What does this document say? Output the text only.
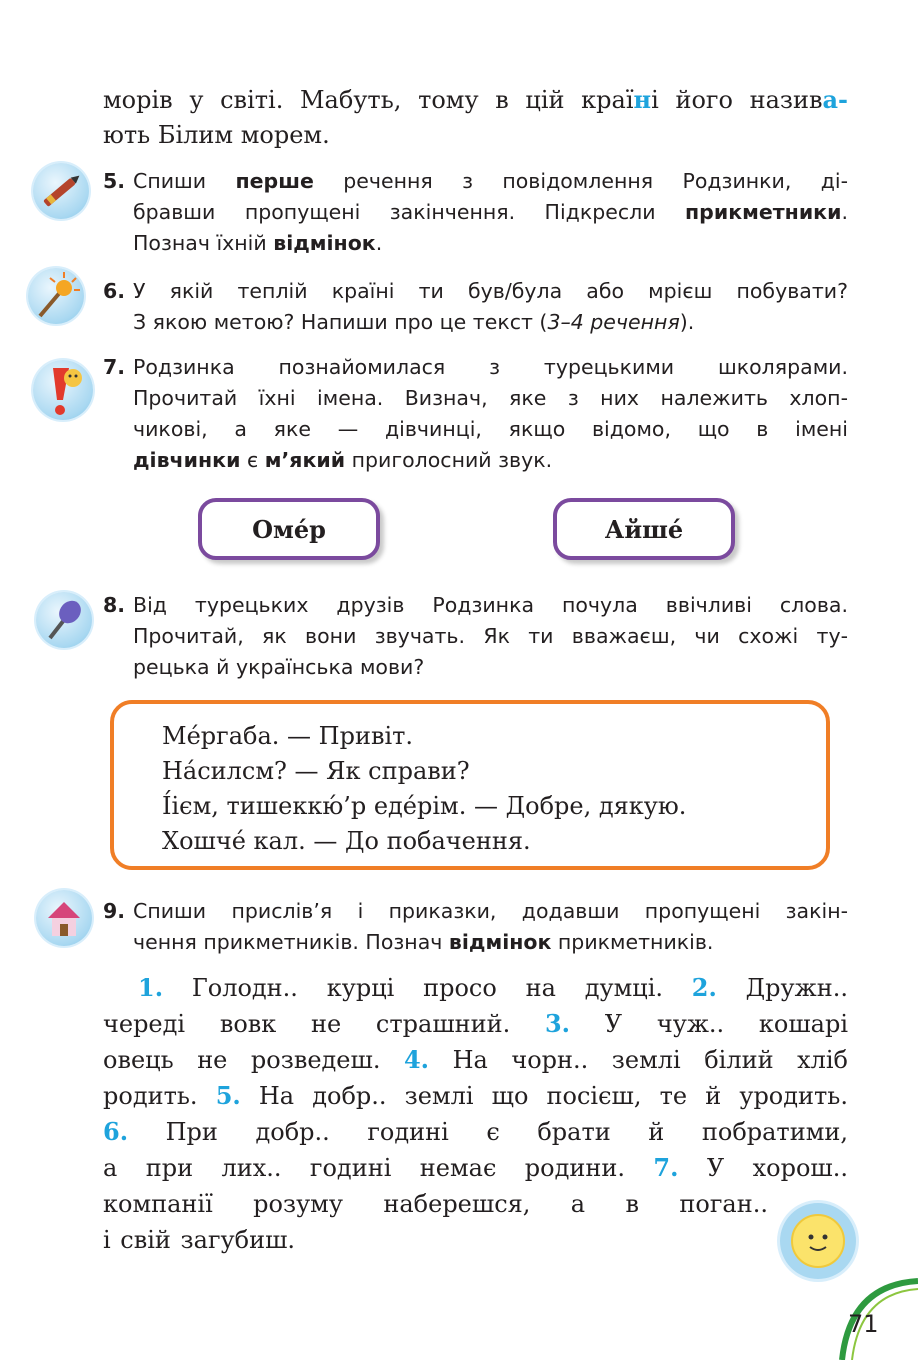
морів у світі. Мабуть, тому в цій країні його назива-
ють Білим морем.
5. Спиши перше речення з повідомлення Родзинки, ді-
бравши пропущені закінчення. Підкресли прикметники.
Познач їхній відмінок.
6. У якій теплій країні ти був/була або мрієш побувати?
З якою метою? Напиши про це текст (3–4 речення).
7. Родзинка познайомилася з турецькими школярами.
Прочитай їхні імена. Визнач, яке з них належить хлоп-
чикові, а яке — дівчинці, якщо відомо, що в імені
дівчинки є м’який приголосний звук.
Оме́р	Айше́
8. Від турецьких друзів Родзинка почула ввічливі слова.
Прочитай, як вони звучать. Як ти вважаєш, чи схожі ту-
рецька й українська мови?
Ме́ргаба. — Привіт.
На́силсм? — Як справи?
І́ієм, тишеккю́’р еде́рім. — Добре, дякую.
Хошче́ кал. — До побачення.
9. Спиши прислів’я і приказки, додавши пропущені закін-
чення прикметників. Познач відмінок прикметників.
1. Голодн.. курці просо на думці. 2. Дружн..
череді вовк не страшний. 3. У чуж.. кошарі
овець не розведеш. 4. На чорн.. землі білий хліб
родить. 5. На добр.. землі що посієш, те й уродить.
6. При добр.. годині є брати й побратими,
а при лих.. годині немає родини. 7. У хорош..
компанії розуму наберешся, а в поган..
і свій загубиш.
71
